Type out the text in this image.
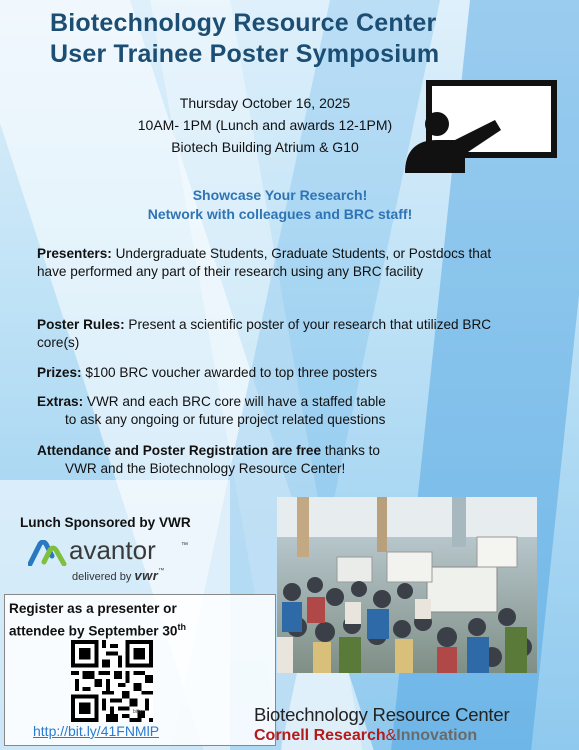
Biotechnology Resource Center
User Trainee Poster Symposium
Thursday October 16, 2025
10AM- 1PM (Lunch and awards 12-1PM)
Biotech Building Atrium & G10
Showcase Your Research!
Network with colleagues and BRC staff!
Presenters: Undergraduate Students, Graduate Students, or Postdocs that have performed any part of their research using any BRC facility
Poster Rules: Present a scientific poster of your research that utilized BRC core(s)
Prizes: $100 BRC voucher awarded to top three posters
Extras: VWR and each BRC core will have a staffed table
to ask any ongoing or future project related questions
Attendance and Poster Registration are free thanks to
VWR and the Biotechnology Resource Center!
Lunch Sponsored by VWR
avantor	™
delivered by vwr™
Register as a presenter or
attendee by September 30th
bitly
http://bit.ly/41FNMlP
Biotechnology Resource Center
Cornell Research&Innovation
